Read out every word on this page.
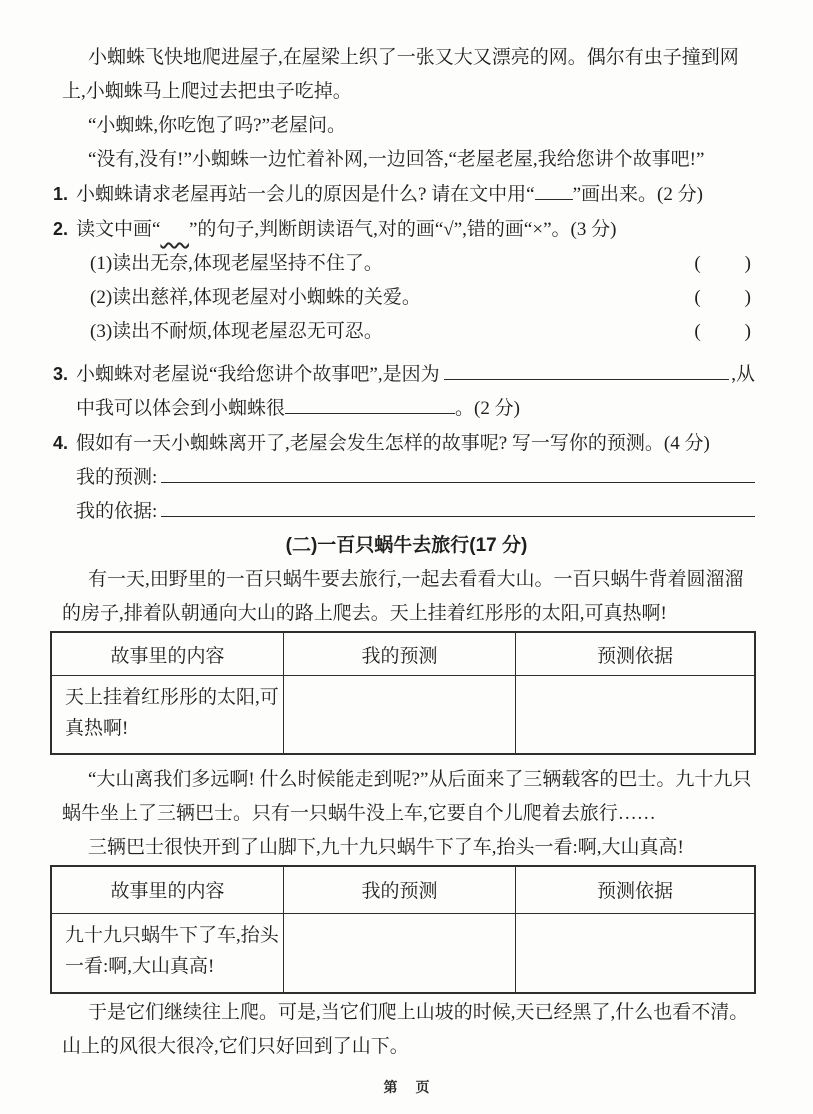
小蜘蛛飞快地爬进屋子,在屋梁上织了一张又大又漂亮的网。偶尔有虫子撞到网上,小蜘蛛马上爬过去把虫子吃掉。

“小蜘蛛,你吃饱了吗?”老屋问。

“没有,没有!”小蜘蛛一边忙着补网,一边回答,“老屋老屋,我给您讲个故事吧!”

1. 小蜘蛛请求老屋再站一会儿的原因是什么? 请在文中用“ ”画出来。(2 分)
2. 读文中画“ ”的句子,判断朗读语气,对的画“√”,错的画“×”。(3 分)
(1) 读出无奈,体现老屋坚持不住了。	(　　)
(2) 读出慈祥,体现老屋对小蜘蛛的关爱。	(　　)
(3) 读出不耐烦,体现老屋忍无可忍。	(　　)
3. 小蜘蛛对老屋说“我给您讲个故事吧”,是因为	,从
中我可以体会到小蜘蛛很	。(2 分)
4. 假如有一天小蜘蛛离开了,老屋会发生怎样的故事呢? 写一写你的预测。(4 分)
我的预测:
我的依据:
(二)一百只蜗牛去旅行(17 分)

有一天,田野里的一百只蜗牛要去旅行,一起去看看大山。一百只蜗牛背着圆溜溜的房子,排着队朝通向大山的路上爬去。天上挂着红彤彤的太阳,可真热啊!

故事里的内容	我的预测	预测依据
天上挂着红彤彤的太阳,可真热啊!		

“大山离我们多远啊! 什么时候能走到呢?”从后面来了三辆载客的巴士。九十九只蜗牛坐上了三辆巴士。只有一只蜗牛没上车,它要自个儿爬着去旅行……

三辆巴士很快开到了山脚下,九十九只蜗牛下了车,抬头一看:啊,大山真高!

故事里的内容	我的预测	预测依据
九十九只蜗牛下了车,抬头一看:啊,大山真高!		

于是它们继续往上爬。可是,当它们爬上山坡的时候,天已经黑了,什么也看不清。山上的风很大很冷,它们只好回到了山下。

第 页
